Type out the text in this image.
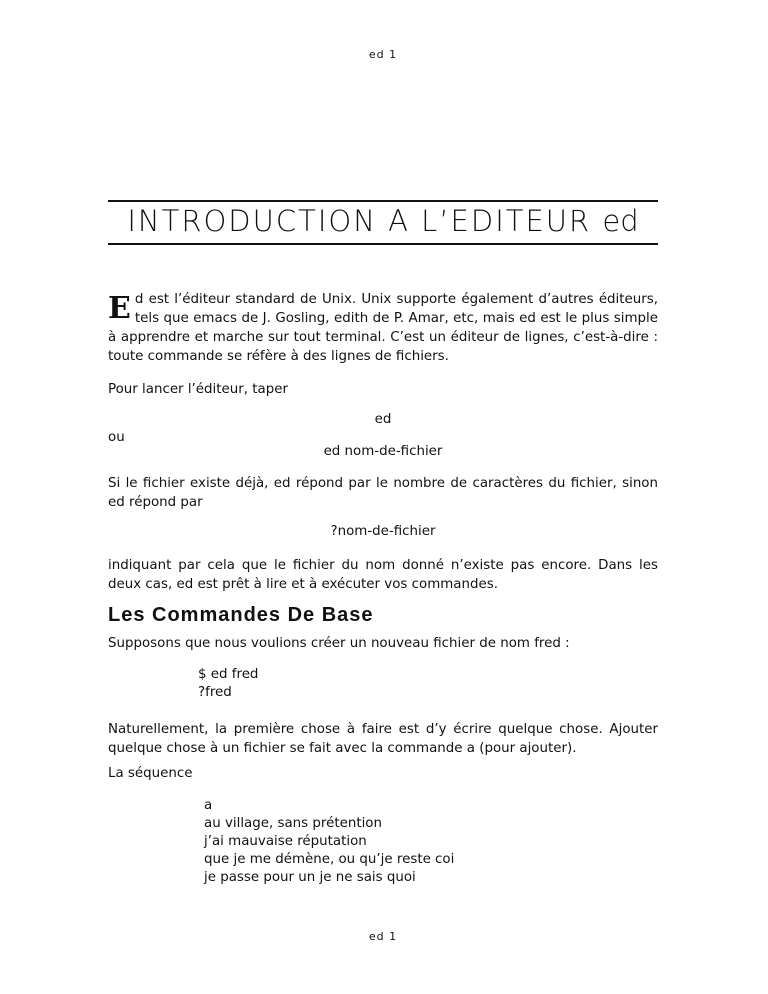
ed 1
INTRODUCTION A L’EDITEUR ed

Ed est l’éditeur standard de Unix. Unix supporte également d’autres éditeurs, tels que emacs de J. Gosling, edith de P. Amar, etc, mais ed est le plus simple à apprendre et marche sur tout terminal. C’est un éditeur de lignes, c’est-à-dire : toute commande se réfère à des lignes de fichiers.

Pour lancer l’éditeur, taper
ed
ou
ed nom-de-fichier

Si le fichier existe déjà, ed répond par le nombre de caractères du fichier, sinon ed répond par

?nom-de-fichier

indiquant par cela que le fichier du nom donné n’existe pas encore. Dans les deux cas, ed est prêt à lire et à exécuter vos commandes.

Les Commandes De Base
Supposons que nous voulions créer un nouveau fichier de nom fred :
$ ed fred
?fred

Naturellement, la première chose à faire est d’y écrire quelque chose. Ajouter quelque chose à un fichier se fait avec la commande a (pour ajouter).

La séquence
a
au village, sans prétention
j’ai mauvaise réputation
que je me démène, ou qu’je reste coi
je passe pour un je ne sais quoi
ed 1
